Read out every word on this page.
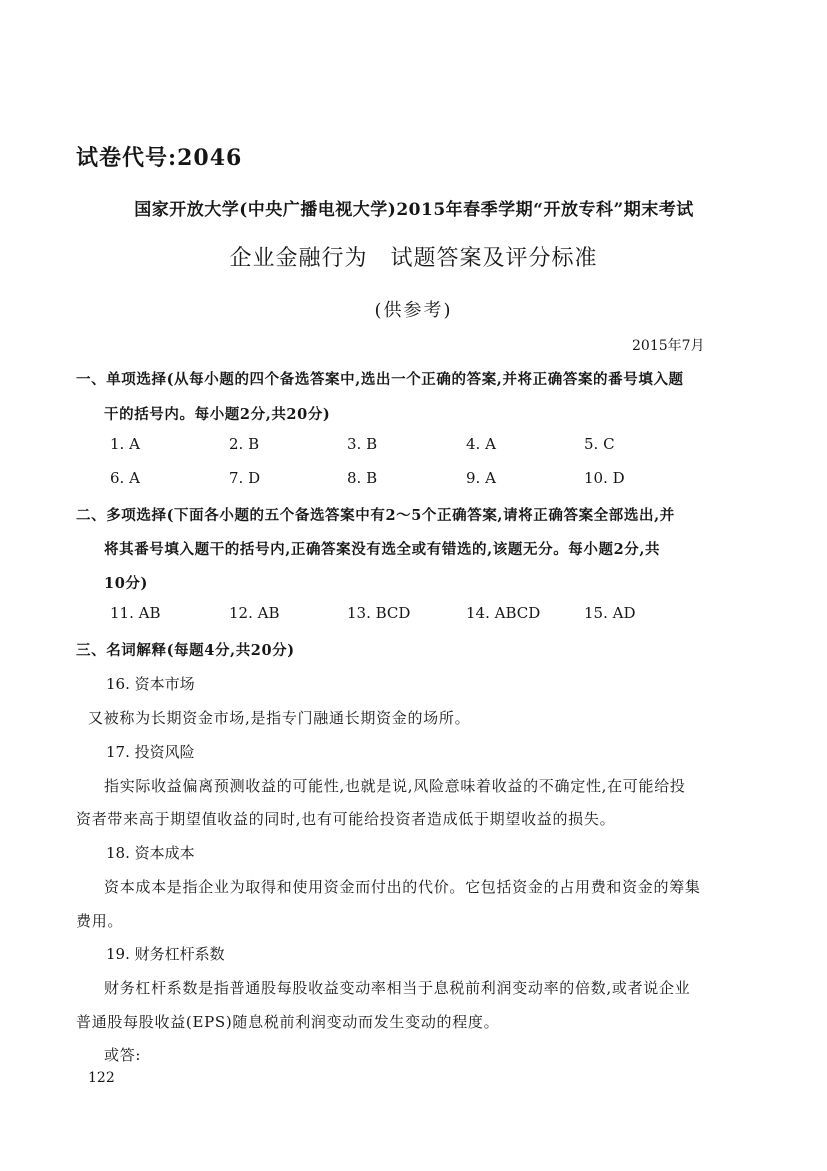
试卷代号:2046
国家开放大学(中央广播电视大学)2015年春季学期“开放专科”期末考试
企业金融行为　试题答案及评分标准
(供参考)
2015年7月
一、单项选择(从每小题的四个备选答案中,选出一个正确的答案,并将正确答案的番号填入题
干的括号内。每小题2分,共20分)
1. A	2. B	3. B	4. A	5. C
6. A	7. D	8. B	9. A	10. D
二、多项选择(下面各小题的五个备选答案中有2～5个正确答案,请将正确答案全部选出,并
将其番号填入题干的括号内,正确答案没有选全或有错选的,该题无分。每小题2分,共
10分)
11. AB	12. AB	13. BCD	14. ABCD	15. AD
三、名词解释(每题4分,共20分)
16. 资本市场
又被称为长期资金市场,是指专门融通长期资金的场所。
17. 投资风险
指实际收益偏离预测收益的可能性,也就是说,风险意味着收益的不确定性,在可能给投
资者带来高于期望值收益的同时,也有可能给投资者造成低于期望收益的损失。
18. 资本成本
资本成本是指企业为取得和使用资金而付出的代价。它包括资金的占用费和资金的筹集
费用。
19. 财务杠杆系数
财务杠杆系数是指普通股每股收益变动率相当于息税前利润变动率的倍数,或者说企业
普通股每股收益(EPS)随息税前利润变动而发生变动的程度。
或答:
122
